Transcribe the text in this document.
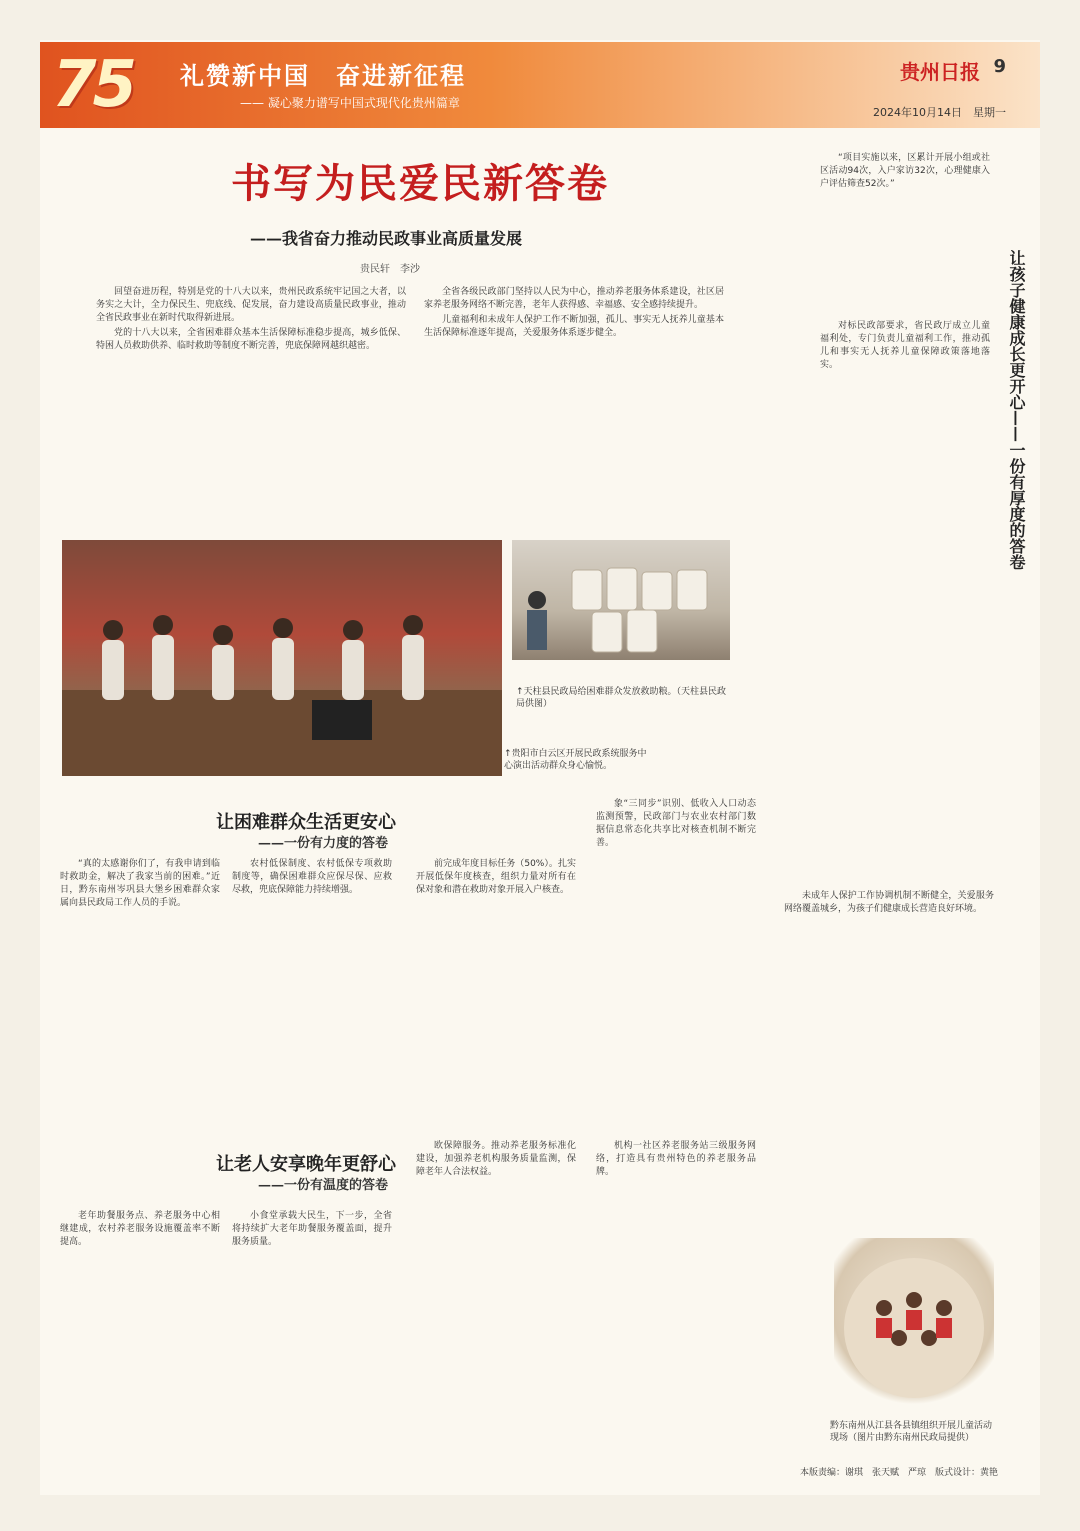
75 礼赞新中国　奋进新征程
—— 凝心聚力谱写中国式现代化贵州篇章
贵州日报 9
2024年10月14日　星期一
书写为民爱民新答卷
——我省奋力推动民政事业高质量发展
贵民轩　李沙

回望奋进历程，特别是党的十八大以来，贵州民政系统牢记国之大者，以务实之大计，全力保民生、兜底线、促发展，奋力建设高质量民政事业，推动全省民政事业在新时代取得新进展。

党的十八大以来，全省困难群众基本生活保障标准稳步提高，城乡低保、特困人员救助供养、临时救助等制度不断完善，兜底保障网越织越密。

全省各级民政部门坚持以人民为中心，推动养老服务体系建设，社区居家养老服务网络不断完善，老年人获得感、幸福感、安全感持续提升。

儿童福利和未成年人保护工作不断加强，孤儿、事实无人抚养儿童基本生活保障标准逐年提高，关爱服务体系逐步健全。

↑贵阳市白云区开展民政系统服务中心演出活动群众身心愉悦。
↑天柱县民政局给困难群众发放救助粮。（天柱县民政局供图）
让困难群众生活更安心
——一份有力度的答卷

“真的太感谢你们了，有我申请到临时救助金，解决了我家当前的困难。”近日，黔东南州岑巩县大堡乡困难群众家属向县民政局工作人员的手说。

农村低保制度、农村低保专项救助制度等，确保困难群众应保尽保、应救尽救，兜底保障能力持续增强。

前完成年度目标任务（50%）。扎实开展低保年度核查，组织力量对所有在保对象和潜在救助对象开展入户核查。

象“三同步”识别、低收入人口动态监测预警，民政部门与农业农村部门数据信息常态化共享比对核查机制不断完善。

让老人安享晚年更舒心
——一份有温度的答卷

老年助餐服务点、养老服务中心相继建成，农村养老服务设施覆盖率不断提高。

小食堂承载大民生，下一步，全省将持续扩大老年助餐服务覆盖面，提升服务质量。

欧保障服务。推动养老服务标准化建设，加强养老机构服务质量监测，保障老年人合法权益。

机构一社区养老服务站三级服务网络，打造具有贵州特色的养老服务品牌。

“项目实施以来，区累计开展小组或社区活动94次，入户家访32次，心理健康入户评估筛查52次。”

让孩子健康成长更开心——一份有厚度的答卷

对标民政部要求，省民政厅成立儿童福利处，专门负责儿童福利工作，推动孤儿和事实无人抚养儿童保障政策落地落实。

未成年人保护工作协调机制不断健全，关爱服务网络覆盖城乡，为孩子们健康成长营造良好环境。

黔东南州从江县各县镇组织开展儿童活动现场（图片由黔东南州民政局提供）
本版责编：谢琪　张天赋　严琼　版式设计：黄艳
